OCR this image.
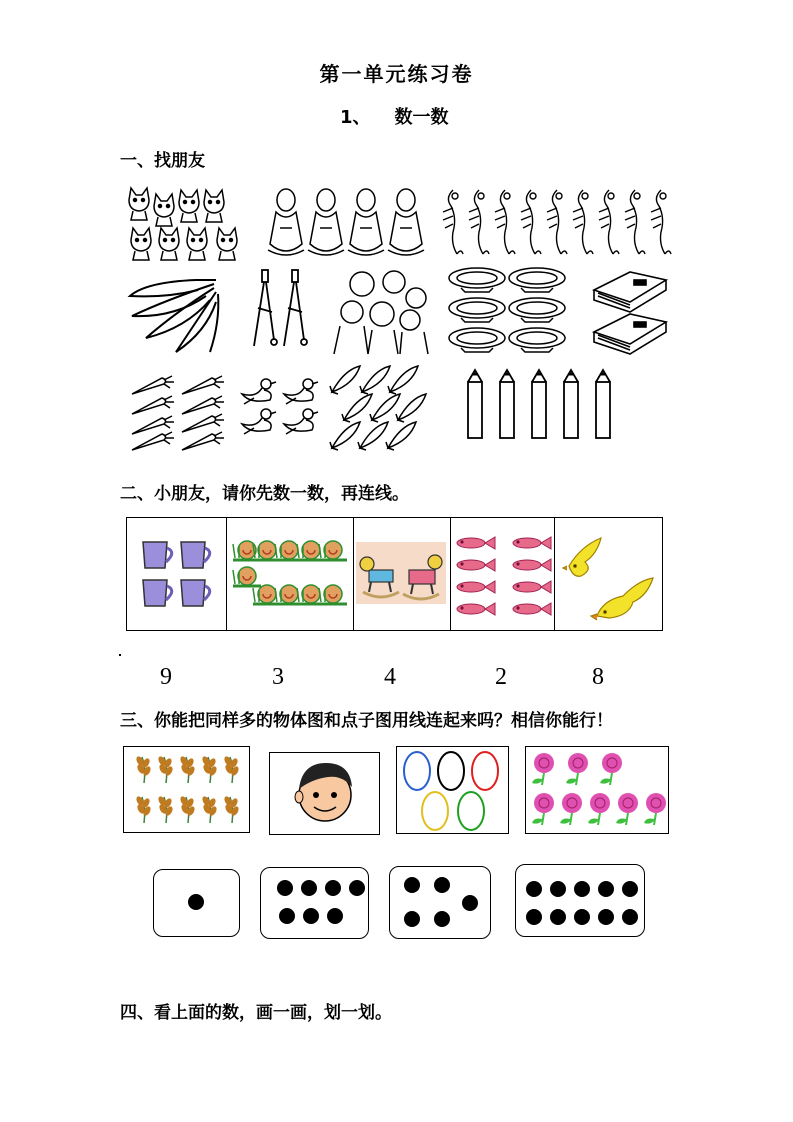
第一单元练习卷
1、 数一数
一、找朋友
二、小朋友，请你先数一数，再连线。
9	3	4	2	8
三、你能把同样多的物体图和点子图用线连起来吗？相信你能行！
四、看上面的数，画一画，划一划。
